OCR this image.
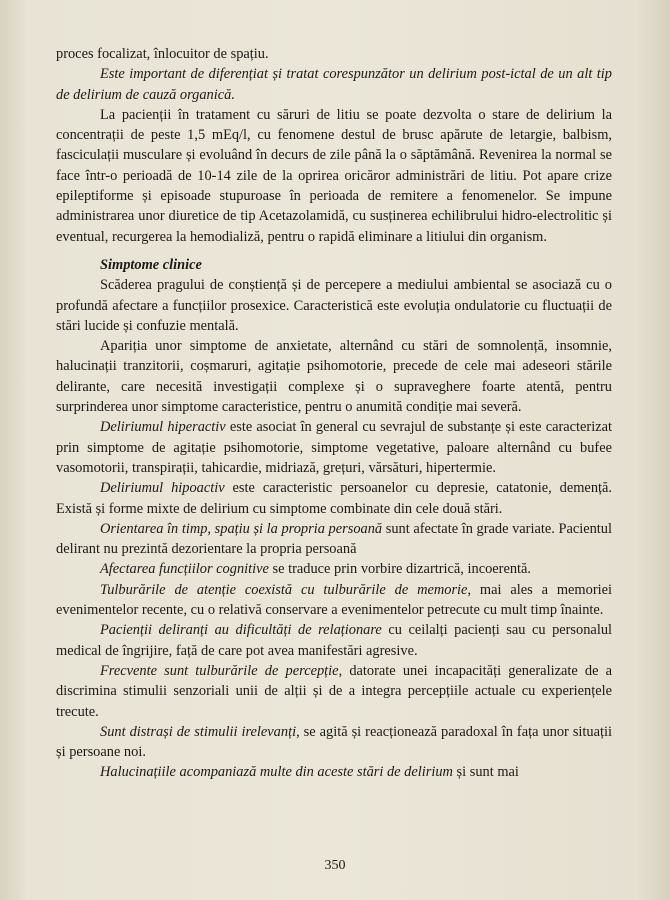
proces focalizat, înlocuitor de spațiu.

Este important de diferențiat și tratat corespunzător un delirium post-ictal de un alt tip de delirium de cauză organică.

La pacienții în tratament cu săruri de litiu se poate dezvolta o stare de delirium la concentrații de peste 1,5 mEq/l, cu fenomene destul de brusc apărute de letargie, balbism, fasciculații musculare și evoluând în decurs de zile până la o săptămână. Revenirea la normal se face într-o perioadă de 10-14 zile de la oprirea oricăror administrări de litiu. Pot apare crize epileptiforme și episoade stupuroase în perioada de remitere a fenomenelor. Se impune administrarea unor diuretice de tip Acetazolamidă, cu susținerea echilibrului hidro-electrolitic și eventual, recurgerea la hemodializă, pentru o rapidă eliminare a litiului din organism.

Simptome clinice

Scăderea pragului de conștiență și de percepere a mediului ambiental se asociază cu o profundă afectare a funcțiilor prosexice. Caracteristică este evoluția ondulatorie cu fluctuații de stări lucide și confuzie mentală.

Apariția unor simptome de anxietate, alternând cu stări de somnolență, insomnie, halucinații tranzitorii, coșmaruri, agitație psihomotorie, precede de cele mai adeseori stările delirante, care necesită investigații complexe și o supraveghere foarte atentă, pentru surprinderea unor simptome caracteristice, pentru o anumită condiție mai severă.

Deliriumul hiperactiv este asociat în general cu sevrajul de substanțe și este caracterizat prin simptome de agitație psihomotorie, simptome vegetative, paloare alternând cu bufee vasomotorii, transpirații, tahicardie, midriază, grețuri, vărsături, hipertermie.

Deliriumul hipoactiv este caracteristic persoanelor cu depresie, catatonie, demență. Există și forme mixte de delirium cu simptome combinate din cele două stări.

Orientarea în timp, spațiu și la propria persoană sunt afectate în grade variate. Pacientul delirant nu prezintă dezorientare la propria persoană

Afectarea funcțiilor cognitive se traduce prin vorbire dizartrică, incoerentă.

Tulburările de atenție coexistă cu tulburările de memorie, mai ales a memoriei evenimentelor recente, cu o relativă conservare a evenimentelor petrecute cu mult timp înainte.

Pacienții deliranți au dificultăți de relaționare cu ceilalți pacienți sau cu personalul medical de îngrijire, față de care pot avea manifestări agresive.

Frecvente sunt tulburările de percepție, datorate unei incapacități generalizate de a discrimina stimulii senzoriali unii de alții și de a integra percepțiile actuale cu experiențele trecute.

Sunt distrași de stimulii irelevanți, se agită și reacționează paradoxal în fața unor situații și persoane noi.

Halucinațiile acompaniază multe din aceste stări de delirium și sunt mai

350
